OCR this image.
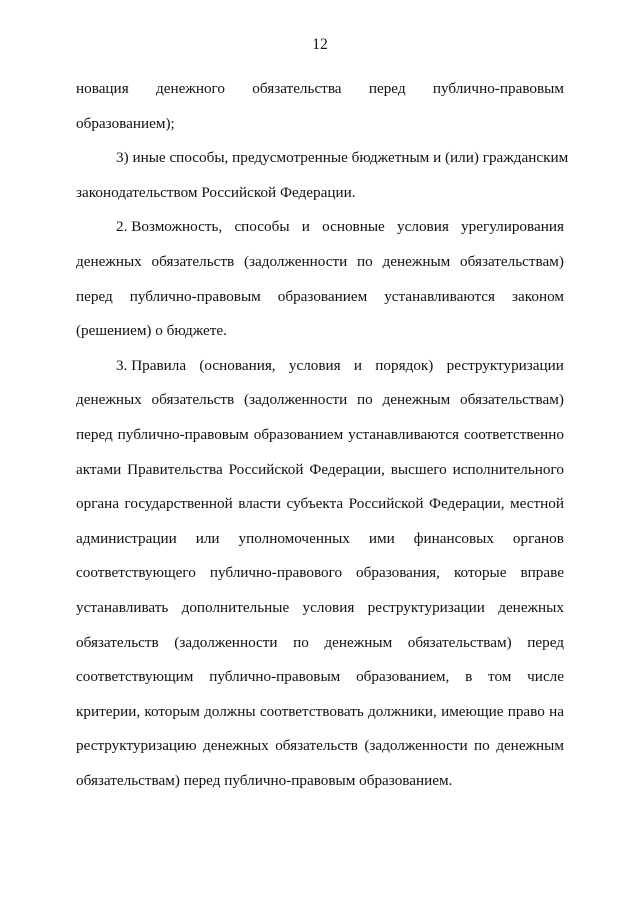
12
новация денежного обязательства перед публично-правовым
образованием);
3) иные способы, предусмотренные бюджетным и (или) гражданским
законодательством Российской Федерации.
2. Возможность, способы и основные условия урегулирования
денежных обязательств (задолженности по денежным обязательствам)
перед публично-правовым образованием устанавливаются законом
(решением) о бюджете.
3. Правила (основания, условия и порядок) реструктуризации
денежных обязательств (задолженности по денежным обязательствам)
перед публично-правовым образованием устанавливаются соответственно
актами Правительства Российской Федерации, высшего исполнительного
органа государственной власти субъекта Российской Федерации, местной
администрации или уполномоченных ими финансовых органов
соответствующего публично-правового образования, которые вправе
устанавливать дополнительные условия реструктуризации денежных
обязательств (задолженности по денежным обязательствам) перед
соответствующим публично-правовым образованием, в том числе
критерии, которым должны соответствовать должники, имеющие право на
реструктуризацию денежных обязательств (задолженности по денежным
обязательствам) перед публично-правовым образованием.
